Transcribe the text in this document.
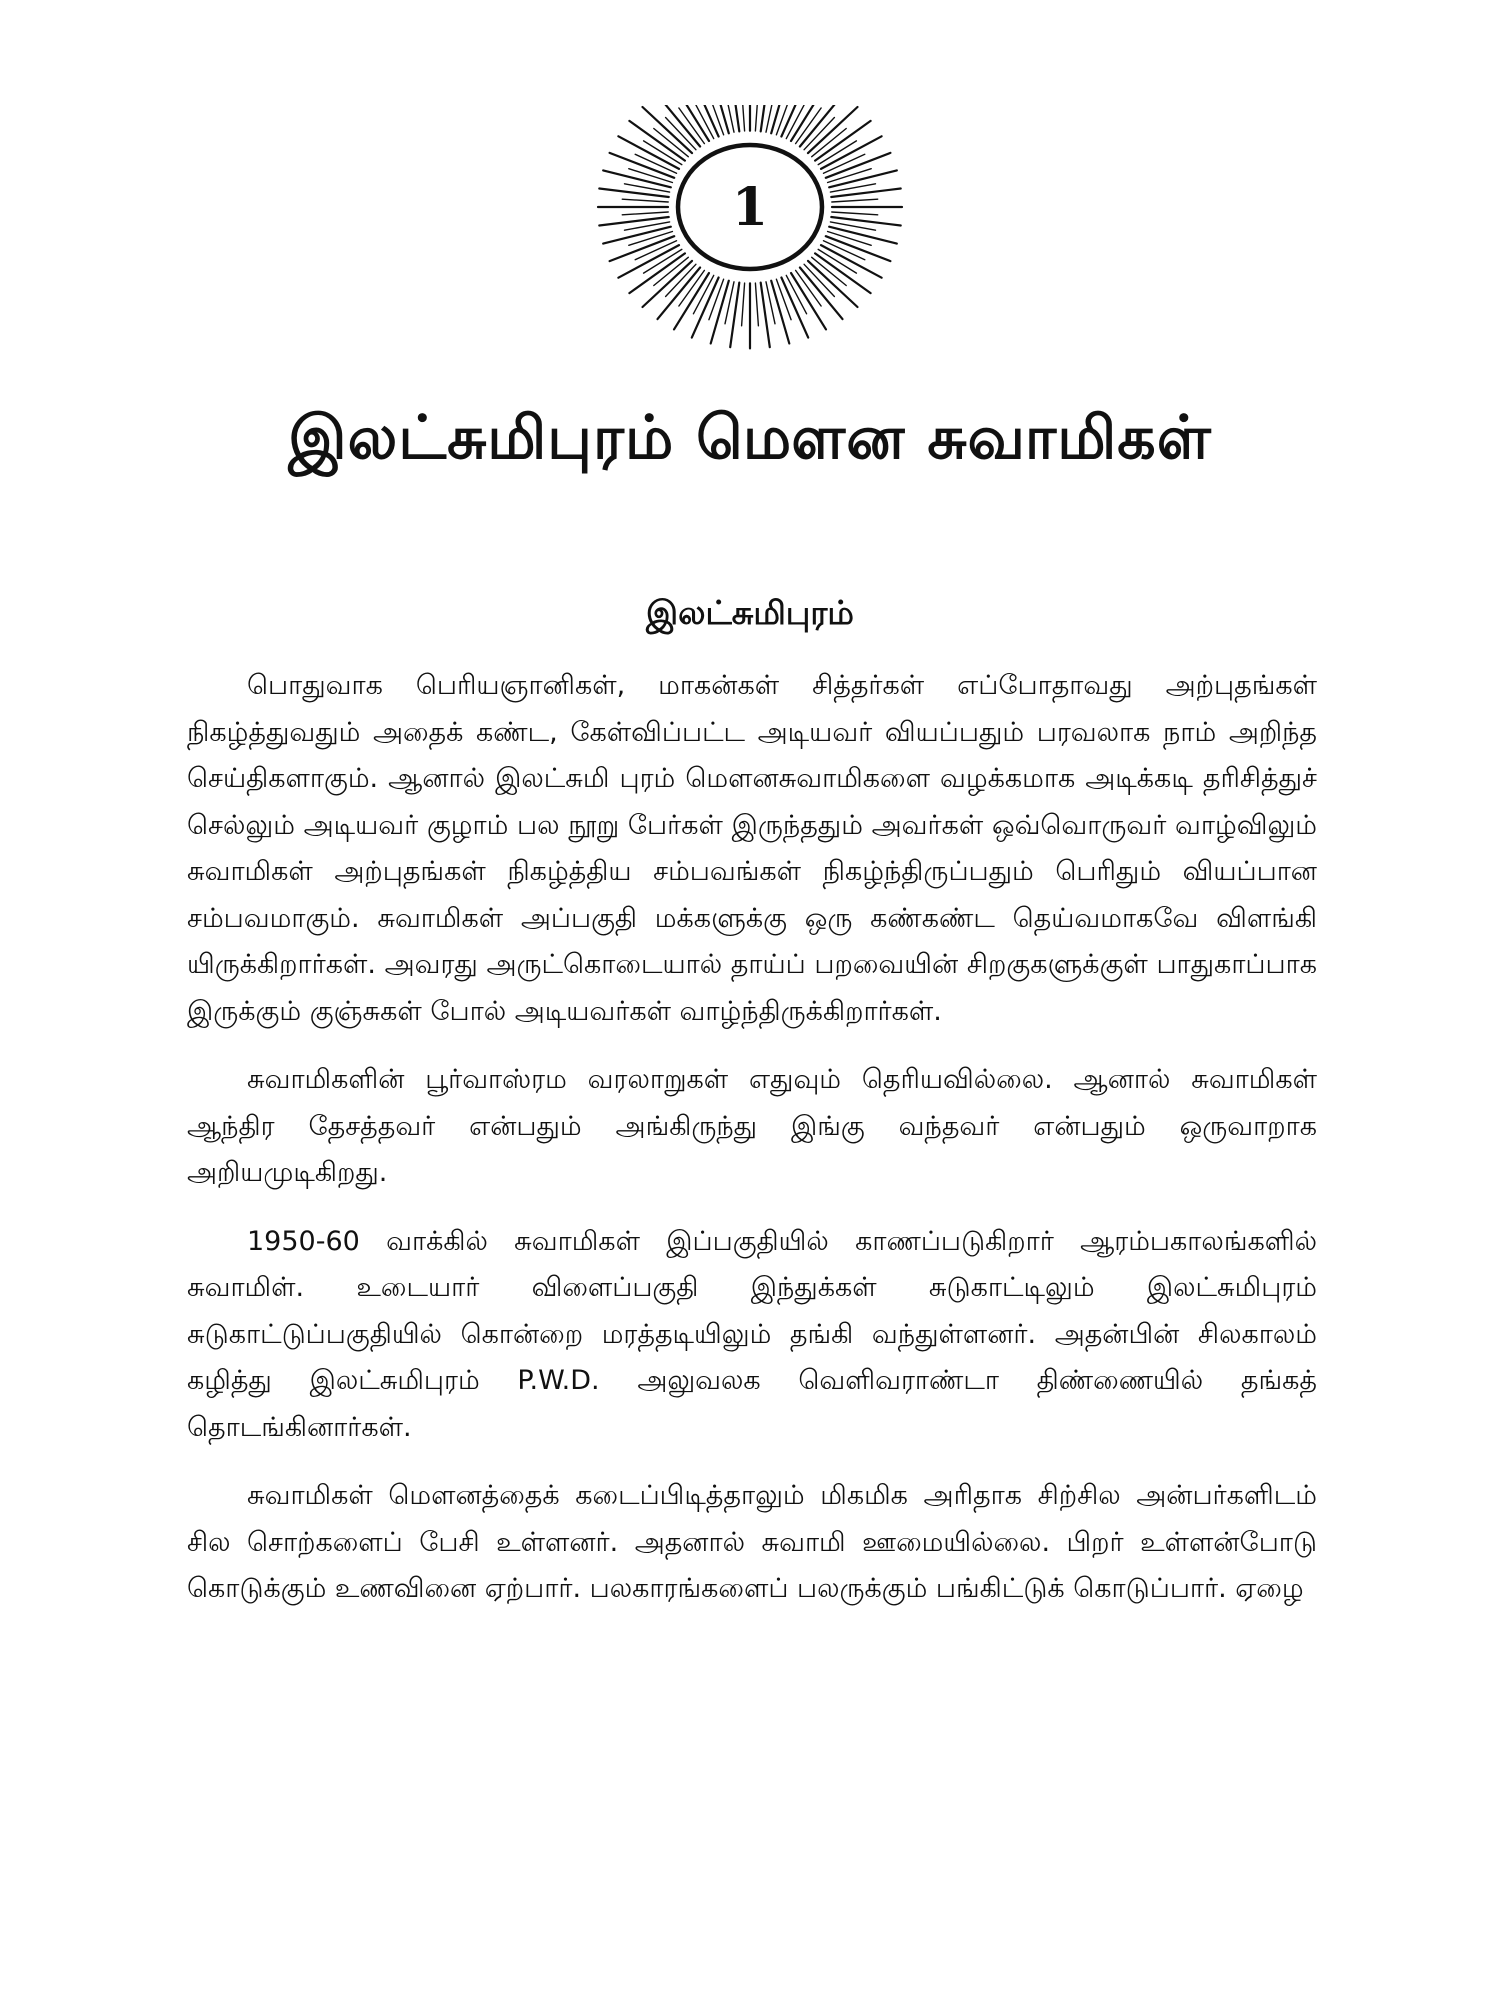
1
இலட்சுமிபுரம் மௌன சுவாமிகள்
இலட்சுமிபுரம்

பொதுவாக பெரியஞானிகள், மாகன்கள் சித்தர்கள் எப்போதாவது அற்புதங்கள் நிகழ்த்துவதும் அதைக் கண்ட, கேள்விப்பட்ட அடியவர் வியப்பதும் பரவலாக நாம் அறிந்த செய்திகளாகும். ஆனால் இலட்சுமி புரம் மௌனசுவாமிகளை வழக்கமாக அடிக்கடி தரிசித்துச் செல்லும் அடியவர் குழாம் பல நூறு பேர்கள் இருந்ததும் அவர்கள் ஒவ்வொருவர் வாழ்விலும் சுவாமிகள் அற்புதங்கள் நிகழ்த்திய சம்பவங்கள் நிகழ்ந்திருப்பதும் பெரிதும் வியப்பான சம்பவமாகும். சுவாமிகள் அப்பகுதி மக்களுக்கு ஒரு கண்கண்ட தெய்வமாகவே விளங்கி யிருக்கிறார்கள். அவரது அருட்கொடையால் தாய்ப் பறவையின் சிறகுகளுக்குள் பாதுகாப்பாக இருக்கும் குஞ்சுகள் போல் அடியவர்கள் வாழ்ந்திருக்கிறார்கள்.

சுவாமிகளின் பூர்வாஸ்ரம வரலாறுகள் எதுவும் தெரியவில்லை. ஆனால் சுவாமிகள் ஆந்திர தேசத்தவர் என்பதும் அங்கிருந்து இங்கு வந்தவர் என்பதும் ஒருவாறாக அறியமுடிகிறது.

1950-60 வாக்கில் சுவாமிகள் இப்பகுதியில் காணப்படுகிறார் ஆரம்பகாலங்களில் சுவாமிள். உடையார் விளைப்பகுதி இந்துக்கள் சுடுகாட்டிலும் இலட்சுமிபுரம் சுடுகாட்டுப்பகுதியில் கொன்றை மரத்தடியிலும் தங்கி வந்துள்ளனர். அதன்பின் சிலகாலம் கழித்து இலட்சுமிபுரம் P.W.D. அலுவலக வெளிவராண்டா திண்ணையில் தங்கத் தொடங்கினார்கள்.

சுவாமிகள் மௌனத்தைக் கடைப்பிடித்தாலும் மிகமிக அரிதாக சிற்சில அன்பர்களிடம் சில சொற்களைப் பேசி உள்ளனர். அதனால் சுவாமி ஊமையில்லை. பிறர் உள்ளன்போடு கொடுக்கும் உணவினை ஏற்பார். பலகாரங்களைப் பலருக்கும் பங்கிட்டுக் கொடுப்பார். ஏழை
